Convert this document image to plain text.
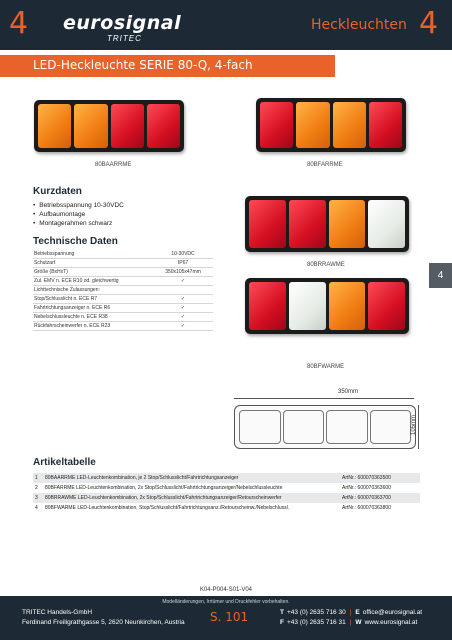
4 eurosignal
TRITEC
Heckleuchten 4
LED-Heckleuchte SERIE 80-Q, 4-fach
4
80BAARRME	80BFARRME
80BRRAWME
80BFWARME
Kurzdaten
• Betriebsspannung 10-30VDC
• Aufbaumontage
• Montagerahmen schwarz
Technische Daten
Betriebsspannung	10-30VDC
Schutzart	IP67
Größe (BxHxT)	350x105x47mm
Zul. EMV n. ECE R10 od. gleichwertig	✓
Lichttechnische Zulassungen:	
Stop/Schlusslicht n. ECE R7	✓
Fahrtrichtungsanzeiger n. ECE R6	✓
Nebelschlussleuchte n. ECE R38	✓
Rückfahrscheinwerfer n. ECE R23	✓
350mm
105mm
Artikeltabelle
1	80BAARRME LED-Leuchtenkombination, je 2 Stop/Schlusslicht/Fahrtrichtungsanzeiger	ArtNr.: 600070363500
2	80BFARRME LED-Leuchtenkombination, 2x Stop/Schlusslicht/Fahrtrichtungsanzeiger/Nebelschlussleuchte	ArtNr.: 600070363600
3	80BRRAWME LED-Leuchtenkombination, 2x Stop/Schlusslicht/Fahrtrichtungsanzeiger/Retourscheinwerfer	ArtNr.: 600070363700
4	80BFWARME LED-Leuchtenkombination, Stop/Schlusslicht/Fahrtrichtungsanz./Retourscheinw./Nebelschlussl.	ArtNr.: 600070363800
K04-P004-S01-V04
Modelländerungen, Irrtümer und Druckfehler vorbehalten.
TRITEC Handels-GmbH
Ferdinand Freiligrathgasse 5, 2620 Neunkirchen, Austria S. 101	T +43 (0) 2635 716 30 | E office@eurosignal.at
F +43 (0) 2635 716 31 | W www.eurosignal.at
